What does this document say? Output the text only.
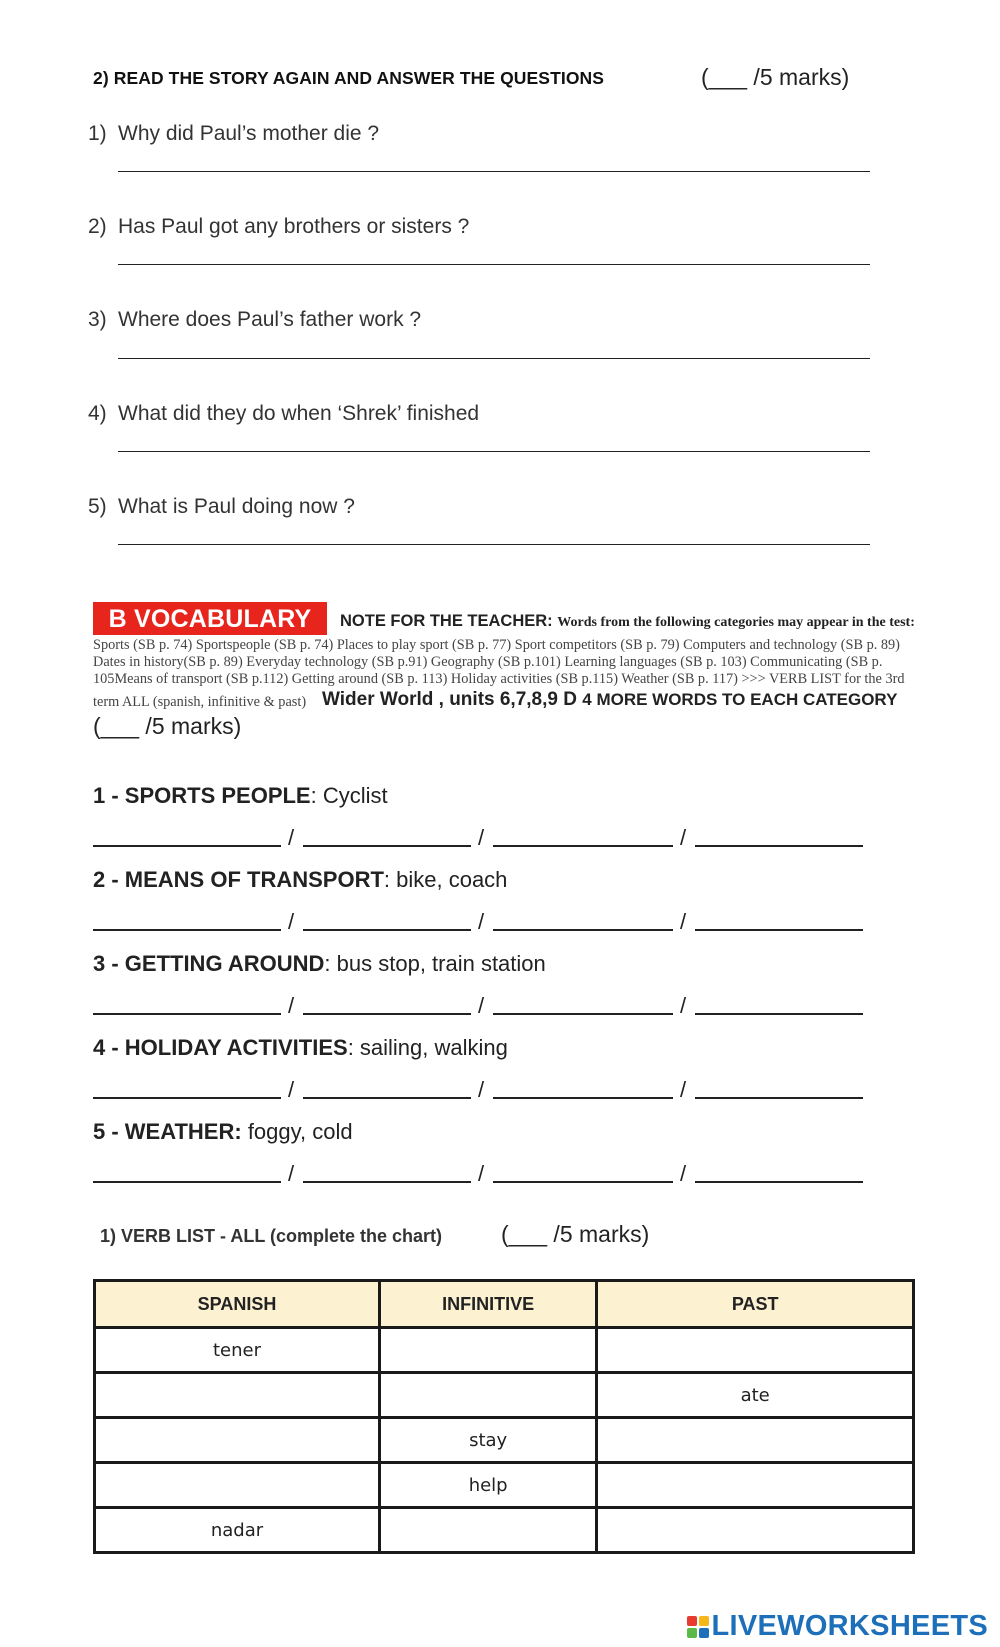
2) READ THE STORY AGAIN AND ANSWER THE QUESTIONS	(___ /5 marks)
1) Why did Paul’s mother die ?
2) Has Paul got any brothers or sisters ?
3) Where does Paul’s father work ?
4) What did they do when ‘Shrek’ finished
5) What is Paul doing now ?
B VOCABULARY	NOTE FOR THE TEACHER: Words from the following categories may appear in the test:
Sports (SB p. 74) Sportspeople (SB p. 74) Places to play sport (SB p. 77) Sport competitors (SB p. 79) Computers and technology (SB p. 89)
Dates in history(SB p. 89) Everyday technology (SB p.91) Geography (SB p.101) Learning languages (SB p. 103) Communicating (SB p.
105Means of transport (SB p.112) Getting around (SB p. 113) Holiday activities (SB p.115) Weather (SB p. 117) >>> VERB LIST for the 3rd
term ALL (spanish, infinitive & past) Wider World , units 6,7,8,9 D 4 MORE WORDS TO EACH CATEGORY
(___ /5 marks)
1 - SPORTS PEOPLE: Cyclist
/	/	/
2 - MEANS OF TRANSPORT: bike, coach
/	/	/
3 - GETTING AROUND: bus stop, train station
/	/	/
4 - HOLIDAY ACTIVITIES: sailing, walking
/	/	/
5 - WEATHER: foggy, cold
/	/	/
1) VERB LIST - ALL (complete the chart)	(___ /5 marks)
SPANISH	INFINITIVE	PAST
tener		
		ate
	stay	
	help	
nadar		
LIVEWORKSHEETS
